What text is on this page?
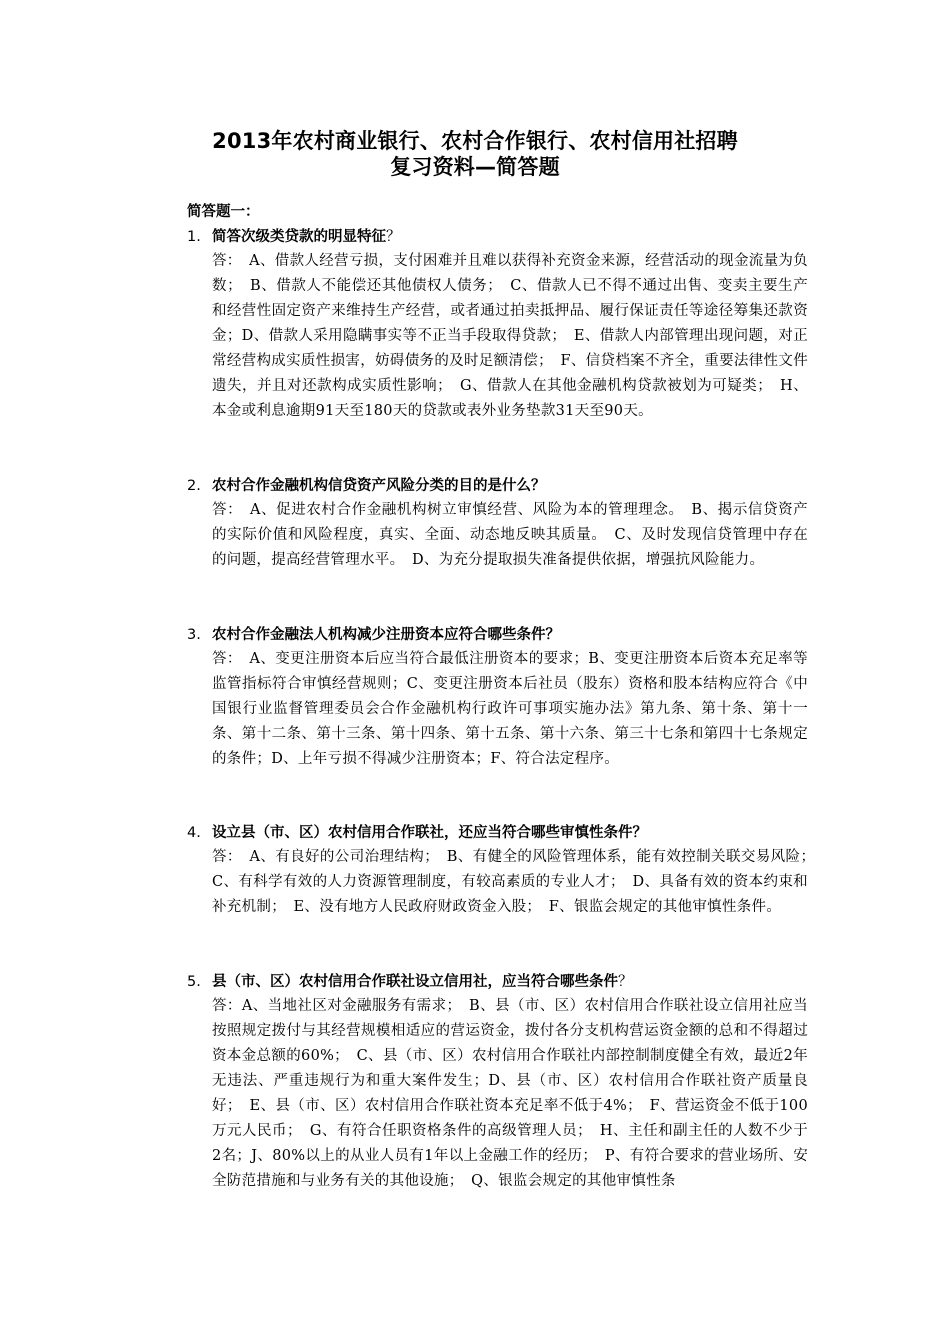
2013年农村商业银行、农村合作银行、农村信用社招聘
复习资料—简答题
简答题一：
1. 简答次级类贷款的明显特征？
答：　A、借款人经营亏损，支付困难并且难以获得补充资金来源，经营活动的现金流量为负数；　B、借款人不能偿还其他债权人债务；　C、借款人已不得不通过出售、变卖主要生产和经营性固定资产来维持生产经营，或者通过拍卖抵押品、履行保证责任等途径筹集还款资金；D、借款人采用隐瞒事实等不正当手段取得贷款；　E、借款人内部管理出现问题，对正常经营构成实质性损害，妨碍债务的及时足额清偿；　F、信贷档案不齐全，重要法律性文件遗失，并且对还款构成实质性影响；　G、借款人在其他金融机构贷款被划为可疑类；　H、本金或利息逾期91天至180天的贷款或表外业务垫款31天至90天。
2. 农村合作金融机构信贷资产风险分类的目的是什么？
答：　A、促进农村合作金融机构树立审慎经营、风险为本的管理理念。　B、揭示信贷资产的实际价值和风险程度，真实、全面、动态地反映其质量。　C、及时发现信贷管理中存在的问题，提高经营管理水平。　D、为充分提取损失准备提供依据，增强抗风险能力。
3. 农村合作金融法人机构减少注册资本应符合哪些条件？
答：　A、变更注册资本后应当符合最低注册资本的要求；B、变更注册资本后资本充足率等监管指标符合审慎经营规则；C、变更注册资本后社员（股东）资格和股本结构应符合《中国银行业监督管理委员会合作金融机构行政许可事项实施办法》第九条、第十条、第十一条、第十二条、第十三条、第十四条、第十五条、第十六条、第三十七条和第四十七条规定的条件；D、上年亏损不得减少注册资本；F、符合法定程序。
4. 设立县（市、区）农村信用合作联社，还应当符合哪些审慎性条件？
答：　A、有良好的公司治理结构；　B、有健全的风险管理体系，能有效控制关联交易风险；　C、有科学有效的人力资源管理制度，有较高素质的专业人才；　D、具备有效的资本约束和补充机制；　E、没有地方人民政府财政资金入股；　F、银监会规定的其他审慎性条件。
5. 县（市、区）农村信用合作联社设立信用社，应当符合哪些条件？
答：A、当地社区对金融服务有需求；　B、县（市、区）农村信用合作联社设立信用社应当按照规定拨付与其经营规模相适应的营运资金，拨付各分支机构营运资金额的总和不得超过资本金总额的60%；　C、县（市、区）农村信用合作联社内部控制制度健全有效，最近2年无违法、严重违规行为和重大案件发生；D、县（市、区）农村信用合作联社资产质量良好；　E、县（市、区）农村信用合作联社资本充足率不低于4%；　F、营运资金不低于100万元人民币；　G、有符合任职资格条件的高级管理人员；　H、主任和副主任的人数不少于2名；J、80%以上的从业人员有1年以上金融工作的经历；　P、有符合要求的营业场所、安全防范措施和与业务有关的其他设施；　Q、银监会规定的其他审慎性条
